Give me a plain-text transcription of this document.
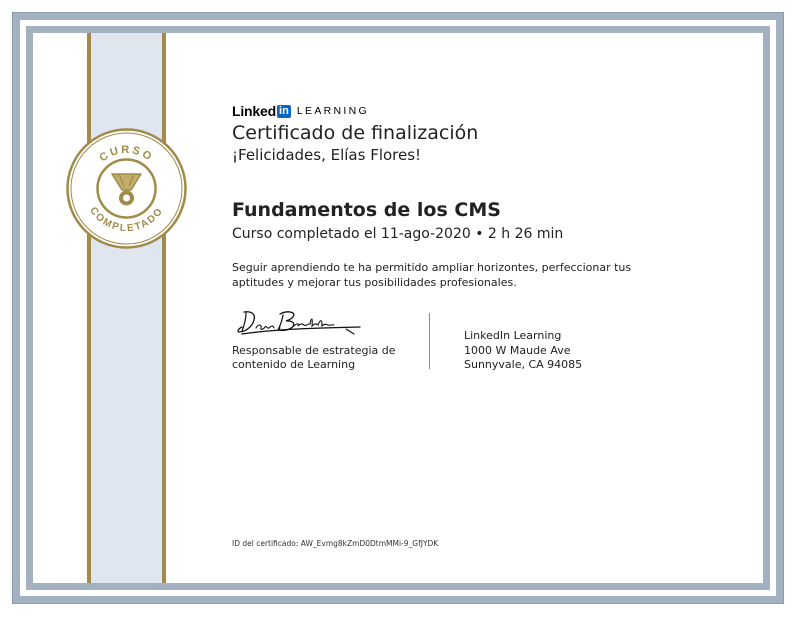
CURSO
COMPLETADO
Linked in LEARNING
Certificado de finalización
¡Felicidades, Elías Flores!
Fundamentos de los CMS
Curso completado el 11-ago-2020 • 2 h 26 min
Seguir aprendiendo te ha permitido ampliar horizontes, perfeccionar tus aptitudes y mejorar tus posibilidades profesionales.
Responsable de estrategia de contenido de Learning
LinkedIn Learning
1000 W Maude Ave
Sunnyvale, CA 94085
ID del certificado: AW_Evmg8kZmD0DtmMMi-9_GfJYDK
